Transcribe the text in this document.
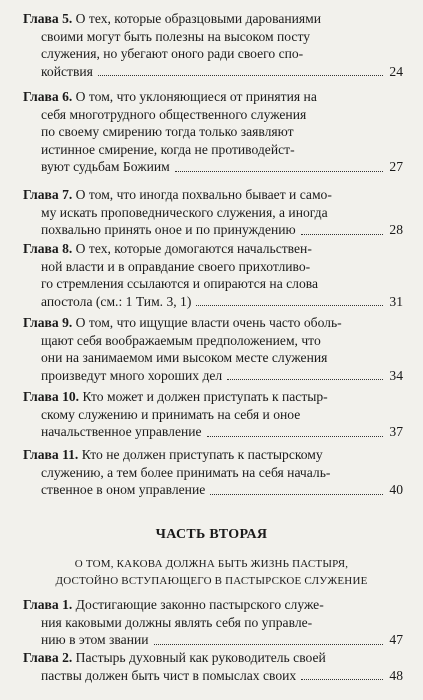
ЧАСТЬ ВТОРАЯ
О ТОМ, КАКОВА ДОЛЖНА БЫТЬ ЖИЗНЬ ПАСТЫРЯ,
ДОСТОЙНО ВСТУПАЮЩЕГО В ПАСТЫРСКОЕ СЛУЖЕНИЕ
Глава 5. О тех, которые образцовыми дарованиями
своими могут быть полезны на высоком посту
служения, но убегают оного ради своего спо-
койствия	24
Глава 6. О том, что уклоняющиеся от принятия на
себя многотрудного общественного служения
по своему смирению тогда только заявляют
истинное смирение, когда не противодейст-
вуют судьбам Божиим	27
Глава 7. О том, что иногда похвально бывает и само-
му искать проповеднического служения, а иногда
похвально принять оное и по принуждению	28
Глава 8. О тех, которые домогаются начальствен-
ной власти и в оправдание своего прихотливо-
го стремления ссылаются и опираются на слова
апостола (см.: 1 Тим. 3, 1)	31
Глава 9. О том, что ищущие власти очень часто оболь-
щают себя воображаемым предположением, что
они на занимаемом ими высоком месте служения
произведут много хороших дел	34
Глава 10. Кто может и должен приступать к пастыр-
скому служению и принимать на себя и оное
начальственное управление	37
Глава 11. Кто не должен приступать к пастырскому
служению, а тем более принимать на себя началь-
ственное в оном управление	40
Глава 1. Достигающие законно пастырского служе-
ния каковыми должны являть себя по управле-
нию в этом звании	47
Глава 2. Пастырь духовный как руководитель своей
паствы должен быть чист в помыслах своих	48
